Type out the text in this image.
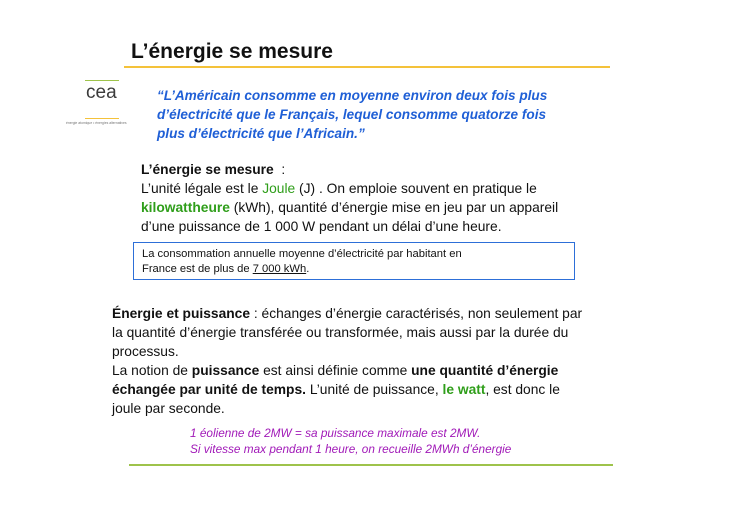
L’énergie se mesure
cea
énergie atomique • énergies alternatives
“L’Américain consomme en moyenne environ deux fois plus
d’électricité que le Français, lequel consomme quatorze fois
plus d’électricité que l’Africain.”
L’énergie se mesure  :
L’unité légale est le Joule (J) . On emploie souvent en pratique le
kilowattheure (kWh), quantité d’énergie mise en jeu par un appareil
d’une puissance de 1 000 W pendant un délai d’une heure.
La consommation annuelle moyenne d’électricité par habitant en
France est de plus de 7 000 kWh.
Énergie et puissance : échanges d’énergie caractérisés, non seulement par
la quantité d’énergie transférée ou transformée, mais aussi par la durée du
processus.
La notion de puissance est ainsi définie comme une quantité d’énergie
échangée par unité de temps. L’unité de puissance, le watt, est donc le
joule par seconde.
1 éolienne de 2MW = sa puissance maximale est 2MW.
Si vitesse max pendant 1 heure, on recueille 2MWh d’énergie
